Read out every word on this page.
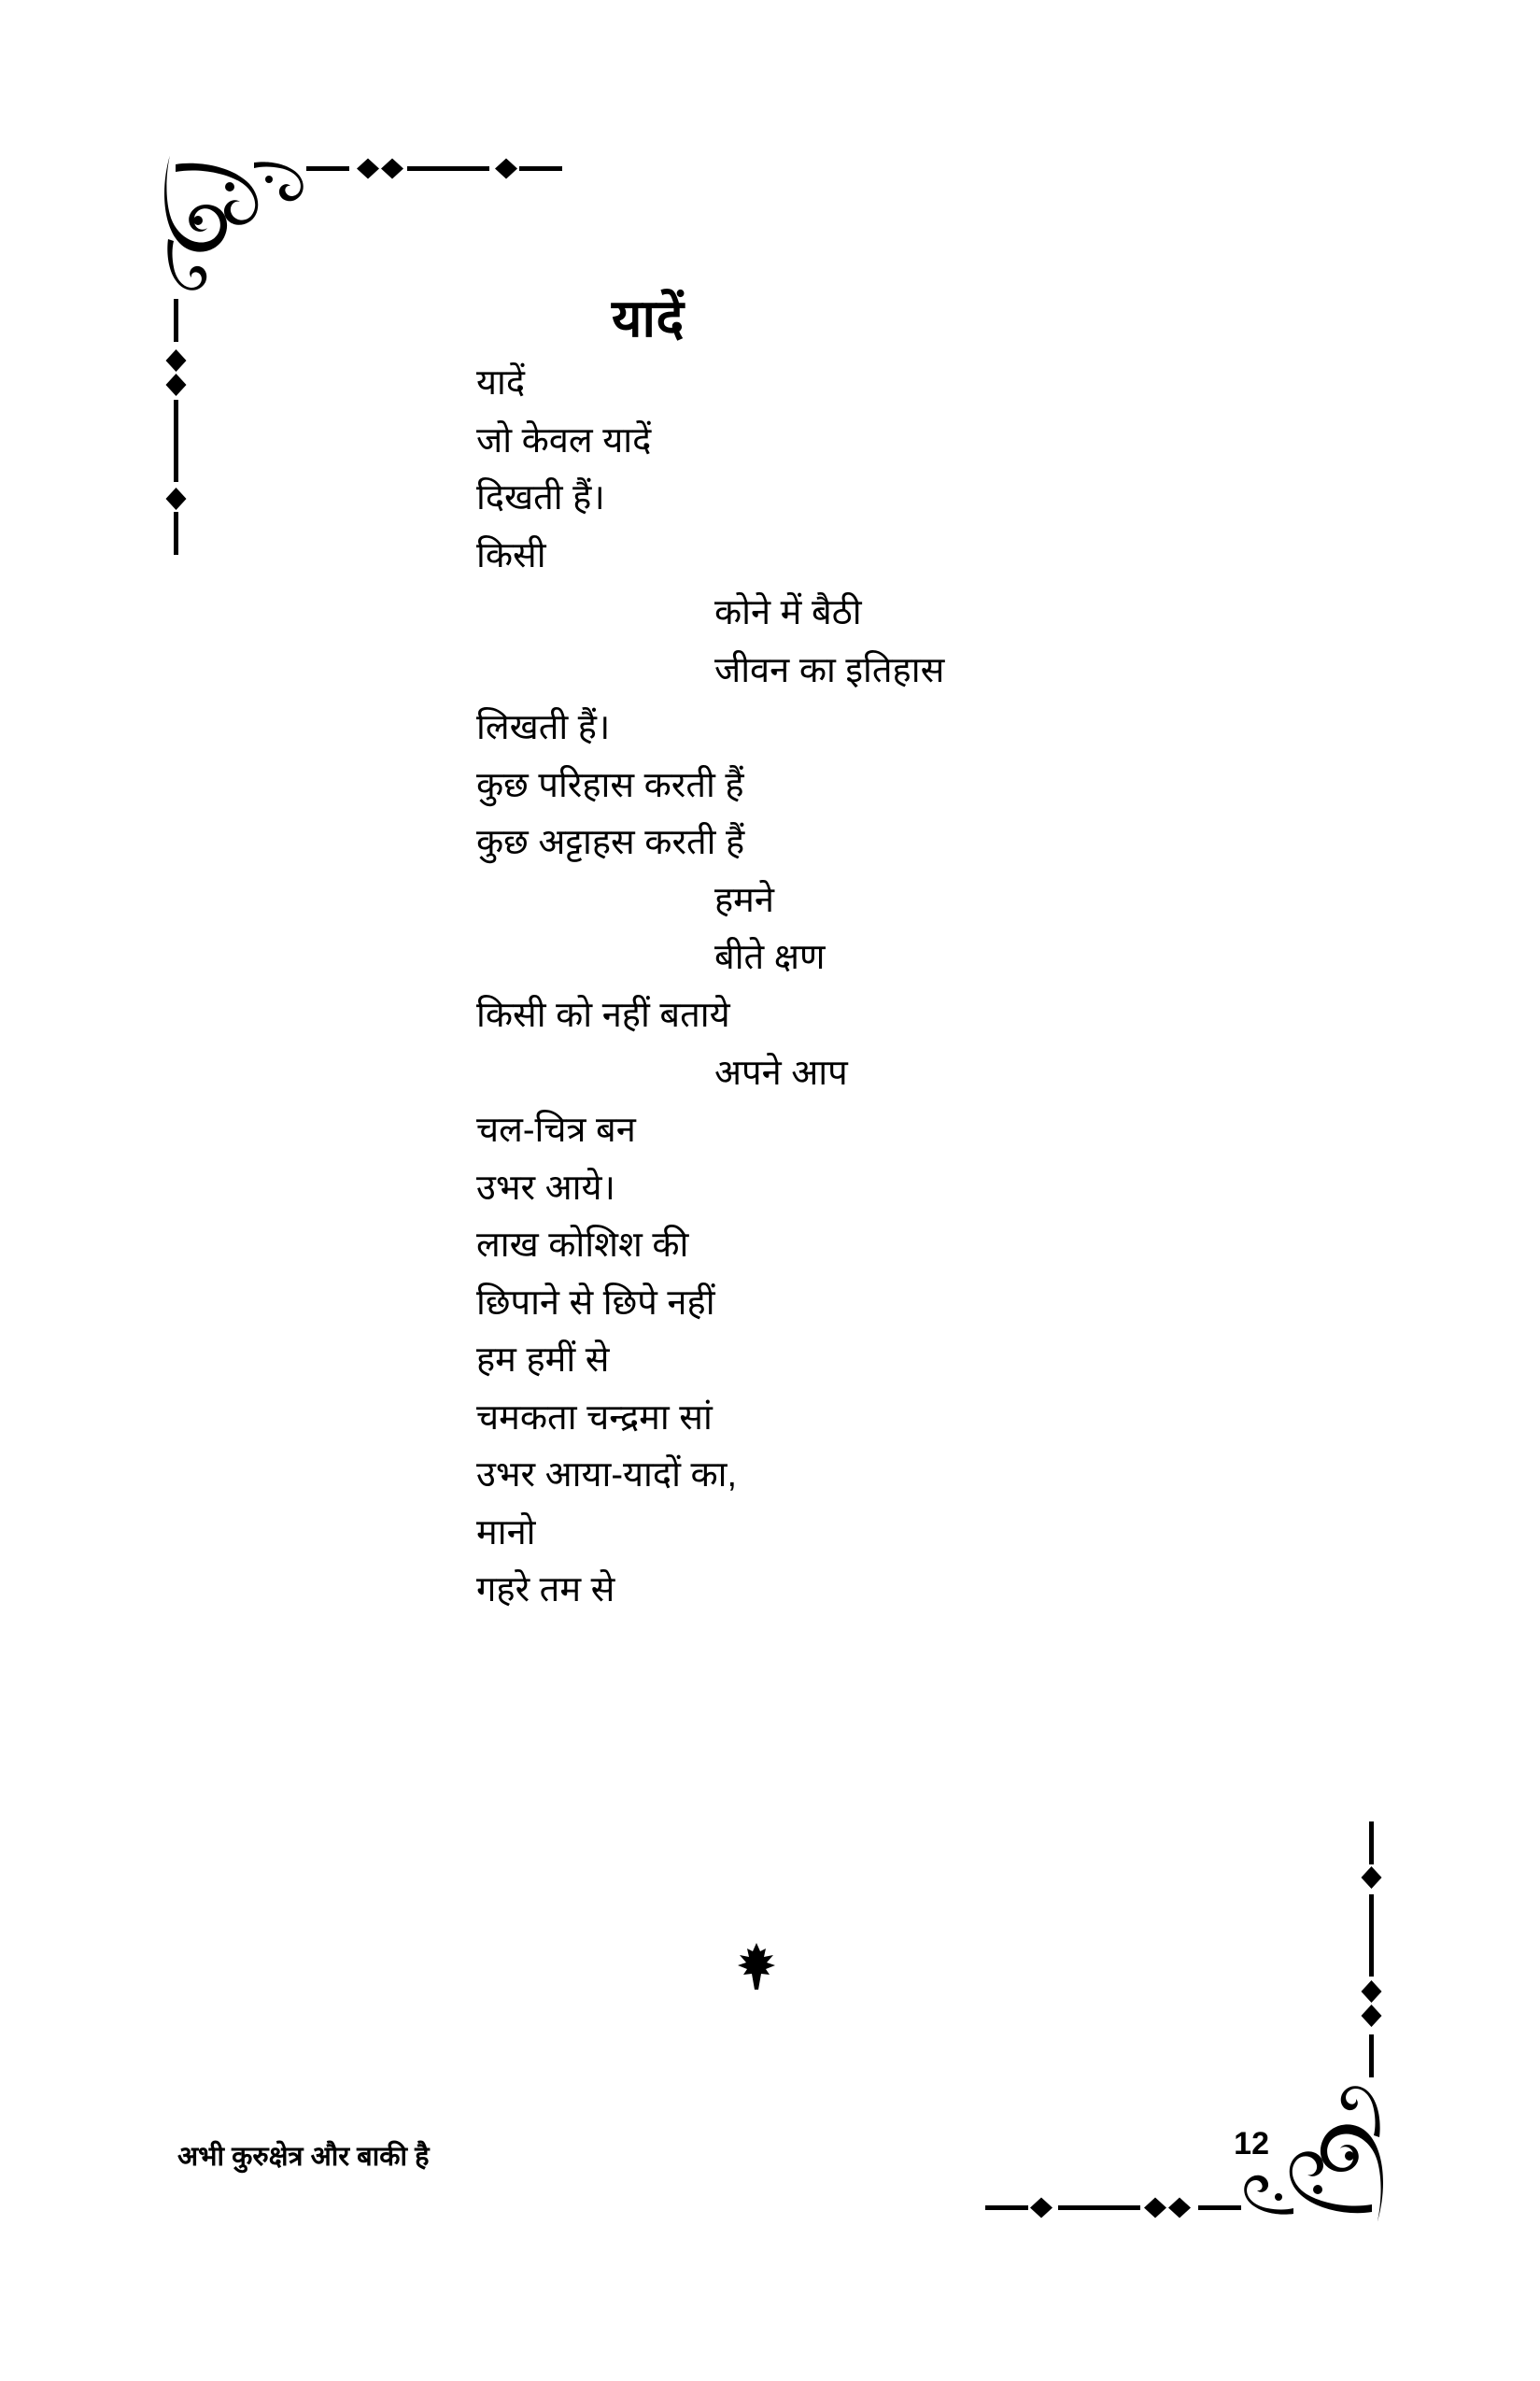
यादें
यादें
जो केवल यादें
दिखती हैं।
किसी
कोने में बैठी
जीवन का इतिहास
लिखती हैं।
कुछ परिहास करती हैं
कुछ अट्टाहस करती हैं
हमने
बीते क्षण
किसी को नहीं बताये
अपने आप
चल-चित्र बन
उभर आये।
लाख कोशिश की
छिपाने से छिपे नहीं
हम हमीं से
चमकता चन्द्रमा सां
उभर आया-यादों का,
मानो
गहरे तम से
अभी कुरुक्षेत्र और बाकी है	12
